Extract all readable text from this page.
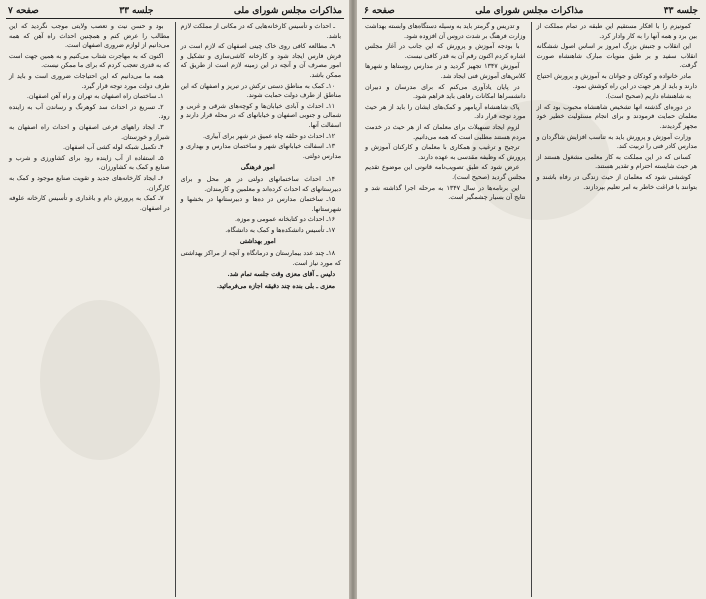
مذاکرات مجلس شورای ملی
جلسه ۳۳
صفحه ۷

ـ احداث و تأسیس کارخانه‌هایی که در مکانی از مملکت لازم باشد.

۹ـ مطالعه کافی روی خاک چینی اصفهان که لازم است در فرش فارس ایجاد شود و کارخانه کاشی‌سازی و تشکیل و امور مصرف آن و آنچه در این زمینه لازم است از طریق که ممکن باشد.

۱۰ـ کمک به مناطق دستی ترکش در تبریز و اصفهان که این مناطق از طرف دولت حمایت شوند.

۱۱ـ احداث و آبادی خیابان‌ها و کوچه‌های شرقی و غربی و شمالی و جنوبی اصفهان و خیابانهای که در محله قرار دارند و اسفالت آنها.

۱۲ـ احداث دو حلقه چاه عمیق در شهر برای آبیاری.

۱۳ـ اسفالت خیابانهای شهر و ساختمان مدارس و بهداری و مدارس دولتی.

امور فرهنگی

۱۴ـ احداث ساختمانهای دولتی در هر محل و برای دبیرستانهای که احداث کرده‌اند و معلمین و کارمندان.

۱۵ـ ساختمان مدارس در ده‌ها و دبیرستانها در بخشها و شهرستانها.

۱۶ـ احداث دو کتابخانه عمومی و موزه.

۱۷ـ تأسیس دانشکده‌ها و کمک به دانشگاه.

امور بهداشتی

۱۸ـ چند عدد بیمارستان و درمانگاه و آنچه از مراکز بهداشتی که مورد نیاز است.

دلیس ـ آقای معزی وقت جلسه تمام شد.

معزی ـ بلی بنده چند دقیقه اجازه می‌فرمائید.

بود و حسن نیت و تعصب ولایتی موجب نگردید که این مطالب را عرض کنم و همچنین احداث راه آهن که همه می‌دانیم از لوازم ضروری اصفهان است.

اکنون که به مهاجرت شتاب می‌کنیم و به همین جهت است که به قدری تعجب کردم که برای ما ممکن نیست.

همه ما می‌دانیم که این احتیاجات ضروری است و باید از طرف دولت مورد توجه قرار گیرد.

۱ـ ساختمان راه اصفهان به تهران و راه آهن اصفهان.

۲ـ تسریع در احداث سد کوهرنگ و رساندن آب به زاینده رود.

۳ـ ایجاد راههای فرعی اصفهان و احداث راه اصفهان به شیراز و خوزستان.

۴ـ تکمیل شبکه لوله کشی آب اصفهان.

۵ـ استفاده از آب زاینده رود برای کشاورزی و شرب و صنایع و کمک به کشاورزان.

۶ـ ایجاد کارخانه‌های جدید و تقویت صنایع موجود و کمک به کارگران.

۷ـ کمک به پرورش دام و باغداری و تأسیس کارخانه علوفه در اصفهان.

جلسه ۳۳
مذاکرات مجلس شورای ملی
صفحه ۶

کمونیزم را با افکار مستقیم این طبقه در تمام مملکت از بین برد و همه آنها را به کار وادار کرد.

این انقلاب و جنبش بزرگ امروز بر اساس اصول ششگانه انقلاب سفید و بر طبق منویات مبارک شاهنشاه صورت گرفت.

مادر خانواده و کودکان و جوانان به آموزش و پرورش احتیاج دارند و باید از هر جهت در این راه کوشش نمود.

به شاهنشاه داریم (صحیح است).

در دوره‌ای گذشته انها تشخیص شاهنشاه محبوب بود که از معلمان حمایت فرمودند و برای انجام مسئولیت خطیر خود مجهز گردیدند.

وزارت آموزش و پرورش باید به تناسب افزایش شاگردان و مدارس کادر فنی را تربیت کند.

کسانی که در این مملکت به کار معلمی مشغول هستند از هر حیث شایسته احترام و تقدیر هستند.

کوششی شود که معلمان از حیث زندگی در رفاه باشند و بتوانند با فراغت خاطر به امر تعلیم بپردازند.

و تدریس و گرمتر باید به وسیله دستگاه‌های وابسته بهداشت وزارت فرهنگ بر شدت دروس آن افزوده شود.

با بودجه آموزش و پرورش که این جانب در آغاز مجلس اشاره کردم اکنون رقم آن به قدر کافی نیست.

آموزش ۱۳۴۷ تجهیز گردید و در مدارس روستاها و شهرها کلاس‌های آموزش فنی ایجاد شد.

در پایان یادآوری می‌کنم که برای مدرسان و دبیران دانشسراها امکانات رفاهی باید فراهم شود.

پاک شاهنشاه آریامهر و کمک‌های ایشان را باید از هر حیث مورد توجه قرار داد.

لزوم ایجاد تسهیلات برای معلمان که از هر حیث در خدمت مردم هستند مطلبی است که همه می‌دانیم.

ترجیح و ترغیب و همکاری با معلمان و کارکنان آموزش و پرورش که وظیفه مقدسی به عهده دارند.

عرض شود که طبق تصویب‌نامه قانونی این موضوع تقدیم مجلس گردید (صحیح است).

این برنامه‌ها در سال ۱۳۴۷ به مرحله اجرا گذاشته شد و نتایج آن بسیار چشمگیر است.
